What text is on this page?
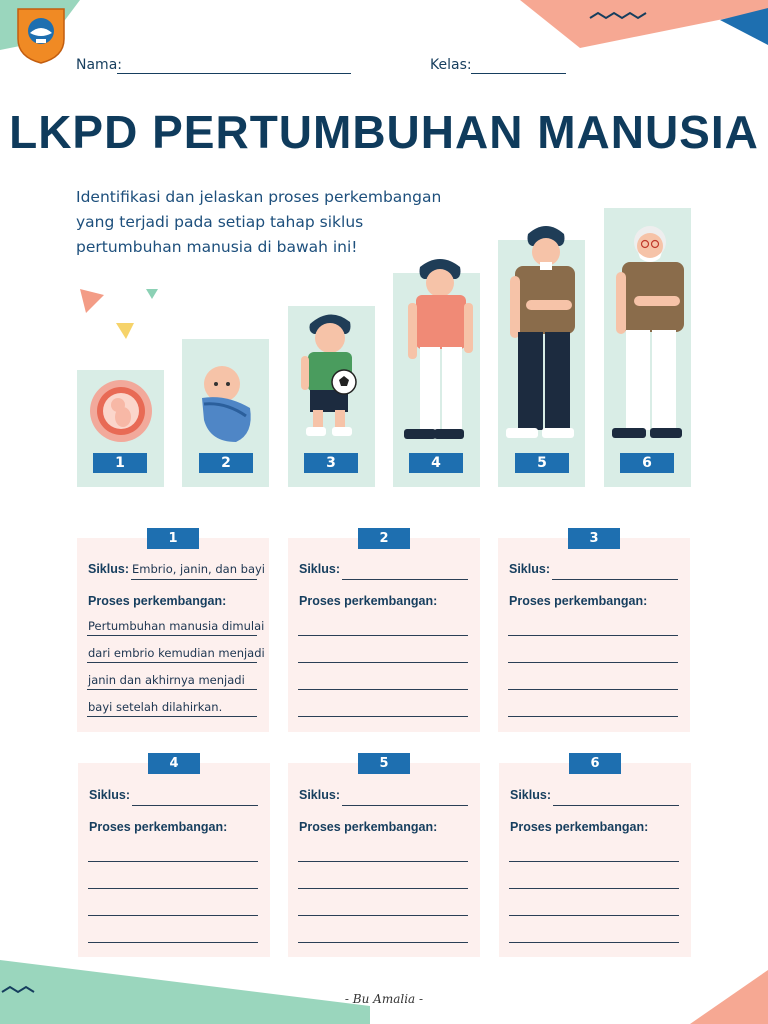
Nama:	Kelas:
LKPD PERTUMBUHAN MANUSIA
Identifikasi dan jelaskan proses perkembangan
yang terjadi pada setiap tahap siklus
pertumbuhan manusia di bawah ini!
1	2	3	4	5	6
1
Siklus: Embrio, janin, dan bayi
Proses perkembangan:
Pertumbuhan manusia dimulai
dari embrio kemudian menjadi
janin dan akhirnya menjadi
bayi setelah dilahirkan.
2
Siklus:
Proses perkembangan:
3
Siklus:
Proses perkembangan:
4
Siklus:
Proses perkembangan:
5
Siklus:
Proses perkembangan:
6
Siklus:
Proses perkembangan:
- Bu Amalia -
